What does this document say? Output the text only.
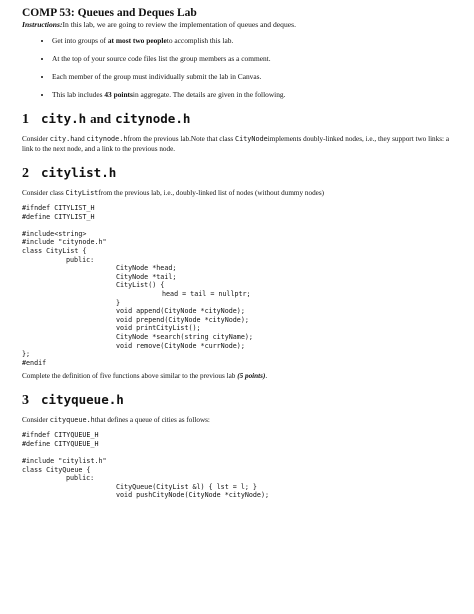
COMP 53: Queues and Deques Lab

Instructions:In this lab, we are going to review the implementation of queues and deques.

• Get into groups of at most two peopleto accomplish this lab.
• At the top of your source code files list the group members as a comment.
• Each member of the group must individually submit the lab in Canvas.
• This lab includes 43 pointsin aggregate. The details are given in the following.
1 city.h and citynode.h

Consider city.hand citynode.hfrom the previous lab.Note that class CityNodeimplements doubly-linked nodes, i.e., they support two links: a link to the next node, and a link to the previous node.

2 citylist.h

Consider class CityListfrom the previous lab, i.e., doubly-linked list of nodes (without dummy nodes)

#ifndef CITYLIST_H
#define CITYLIST_H
#include<string>
#include "citynode.h"
class CityList {
public:
CityNode *head;
CityNode *tail;
CityList() {
head = tail = nullptr;
}
void append(CityNode *cityNode);
void prepend(CityNode *cityNode);
void printCityList();
CityNode *search(string cityName);
void remove(CityNode *currNode);
};
#endif

Complete the definition of five functions above similar to the previous lab (5 points).

3 cityqueue.h

Consider cityqueue.hthat defines a queue of cities as follows:

#ifndef CITYQUEUE_H
#define CITYQUEUE_H
#include "citylist.h"
class CityQueue {
public:
CityQueue(CityList &l) { lst = l; }
void pushCityNode(CityNode *cityNode);
